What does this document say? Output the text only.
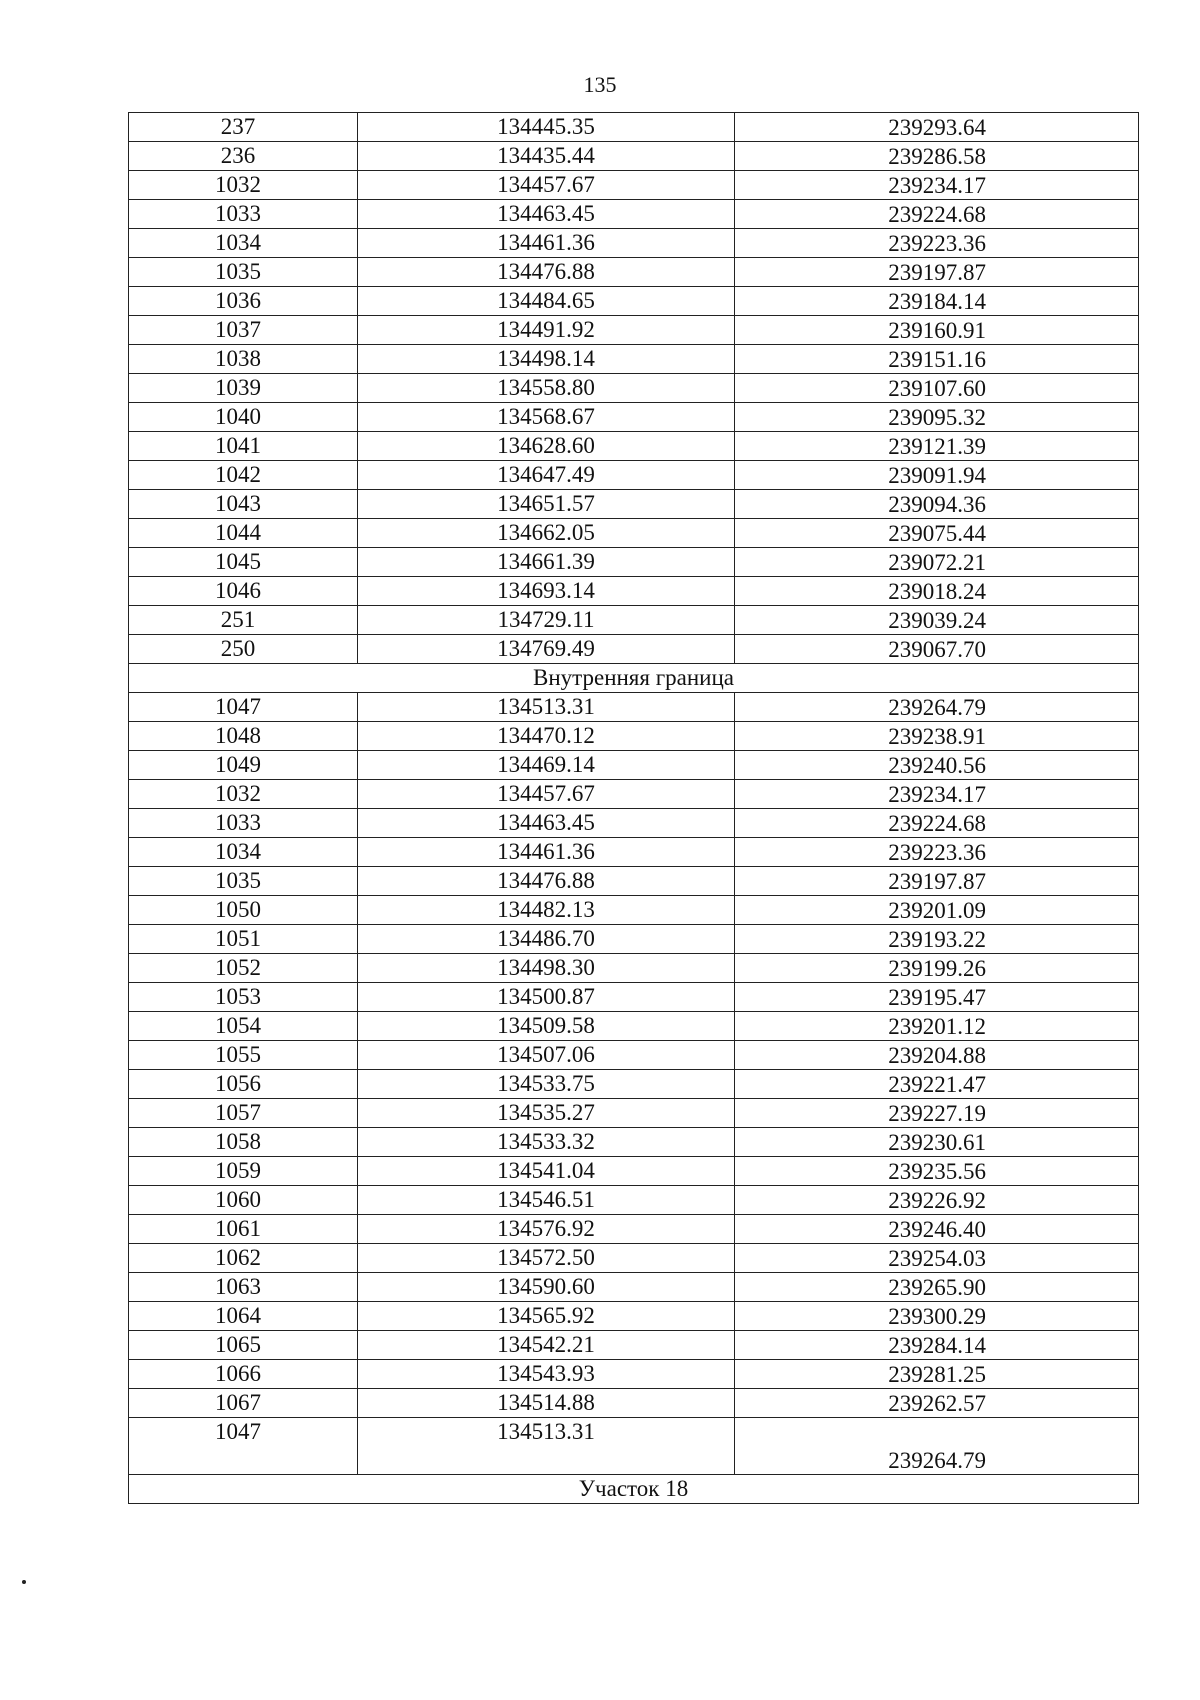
135
237	134445.35	239293.64
236	134435.44	239286.58
1032	134457.67	239234.17
1033	134463.45	239224.68
1034	134461.36	239223.36
1035	134476.88	239197.87
1036	134484.65	239184.14
1037	134491.92	239160.91
1038	134498.14	239151.16
1039	134558.80	239107.60
1040	134568.67	239095.32
1041	134628.60	239121.39
1042	134647.49	239091.94
1043	134651.57	239094.36
1044	134662.05	239075.44
1045	134661.39	239072.21
1046	134693.14	239018.24
251	134729.11	239039.24
250	134769.49	239067.70
Внутренняя граница		
1047	134513.31	239264.79
1048	134470.12	239238.91
1049	134469.14	239240.56
1032	134457.67	239234.17
1033	134463.45	239224.68
1034	134461.36	239223.36
1035	134476.88	239197.87
1050	134482.13	239201.09
1051	134486.70	239193.22
1052	134498.30	239199.26
1053	134500.87	239195.47
1054	134509.58	239201.12
1055	134507.06	239204.88
1056	134533.75	239221.47
1057	134535.27	239227.19
1058	134533.32	239230.61
1059	134541.04	239235.56
1060	134546.51	239226.92
1061	134576.92	239246.40
1062	134572.50	239254.03
1063	134590.60	239265.90
1064	134565.92	239300.29
1065	134542.21	239284.14
1066	134543.93	239281.25
1067	134514.88	239262.57
1047	134513.31	239264.79
Участок 18		
